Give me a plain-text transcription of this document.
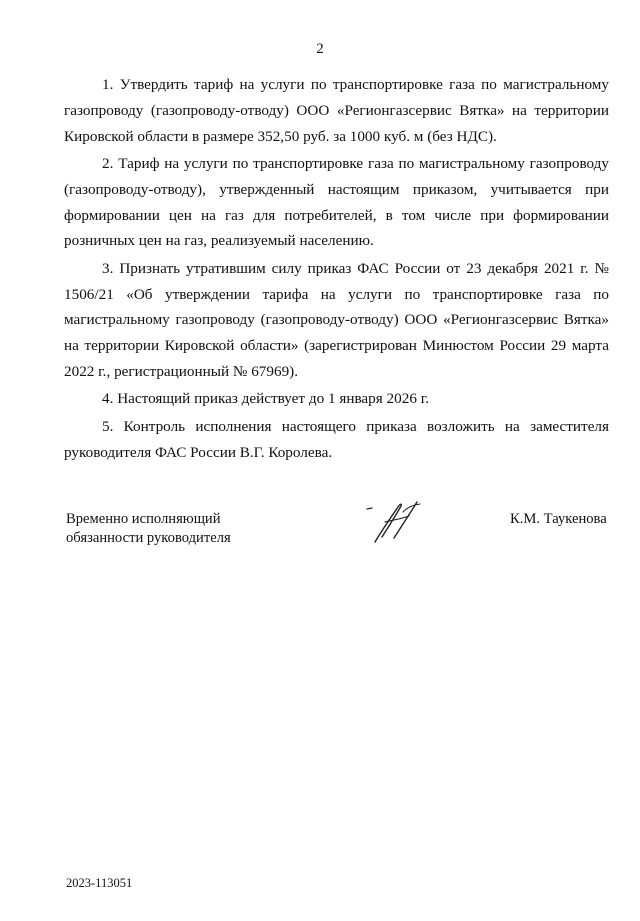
2

1. Утвердить тариф на услуги по транспортировке газа по магистральному газопроводу (газопроводу-отводу) ООО «Регионгазсервис Вятка» на территории Кировской области в размере 352,50 руб. за 1000 куб. м (без НДС).

2. Тариф на услуги по транспортировке газа по магистральному газопроводу (газопроводу-отводу), утвержденный настоящим приказом, учитывается при формировании цен на газ для потребителей, в том числе при формировании розничных цен на газ, реализуемый населению.

3. Признать утратившим силу приказ ФАС России от 23 декабря 2021 г. № 1506/21 «Об утверждении тарифа на услуги по транспортировке газа по магистральному газопроводу (газопроводу-отводу) ООО «Регионгазсервис Вятка» на территории Кировской области» (зарегистрирован Минюстом России 29 марта 2022 г., регистрационный № 67969).

4. Настоящий приказ действует до 1 января 2026 г.

5. Контроль исполнения настоящего приказа возложить на заместителя руководителя ФАС России В.Г. Королева.

Временно исполняющий
обязанности руководителя
К.М. Таукенова
2023-113051
